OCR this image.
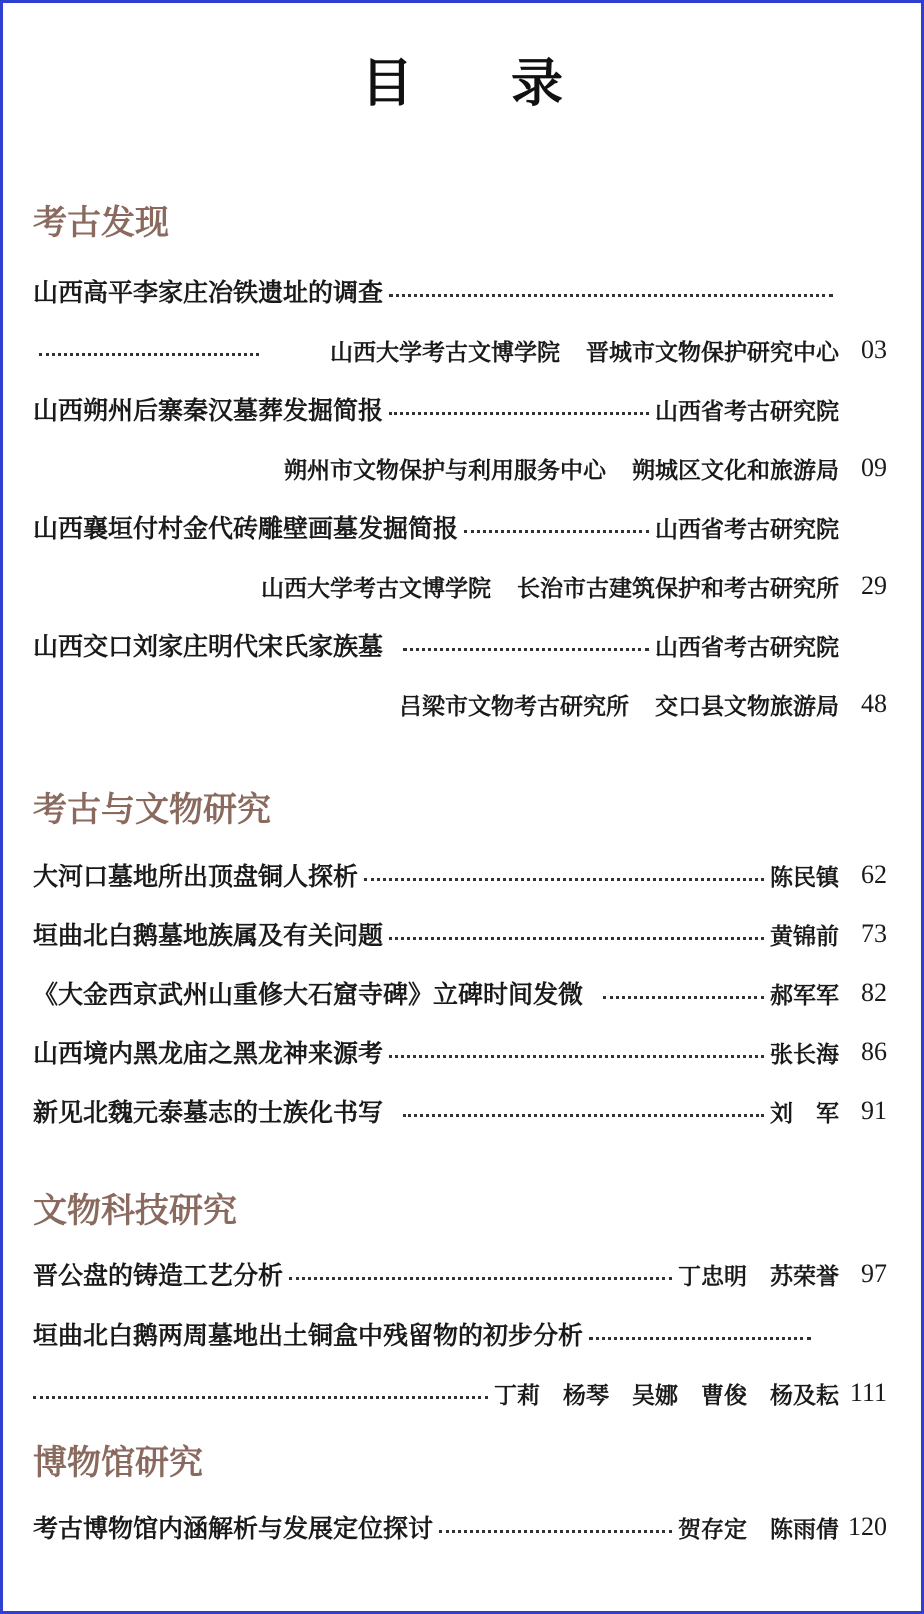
目 录
考古发现
山西高平李家庄冶铁遗址的调查
山西大学考古文博学院 晋城市文物保护研究中心 03
山西朔州后寨秦汉墓葬发掘简报	山西省考古研究院
朔州市文物保护与利用服务中心 朔城区文化和旅游局 09
山西襄垣付村金代砖雕壁画墓发掘简报	山西省考古研究院
山西大学考古文博学院 长治市古建筑保护和考古研究所 29
山西交口刘家庄明代宋氏家族墓	山西省考古研究院
吕梁市文物考古研究所 交口县文物旅游局 48
考古与文物研究
大河口墓地所出顶盘铜人探析	陈民镇 62
垣曲北白鹅墓地族属及有关问题	黄锦前 73
《大金西京武州山重修大石窟寺碑》立碑时间发微	郝军军 82
山西境内黑龙庙之黑龙神来源考	张长海 86
新见北魏元泰墓志的士族化书写	刘　军 91
文物科技研究
晋公盘的铸造工艺分析	丁忠明　苏荣誉 97
垣曲北白鹅两周墓地出土铜盒中残留物的初步分析
丁莉　杨琴　吴娜　曹俊　杨及耘 111
博物馆研究
考古博物馆内涵解析与发展定位探讨	贺存定　陈雨倩 120
